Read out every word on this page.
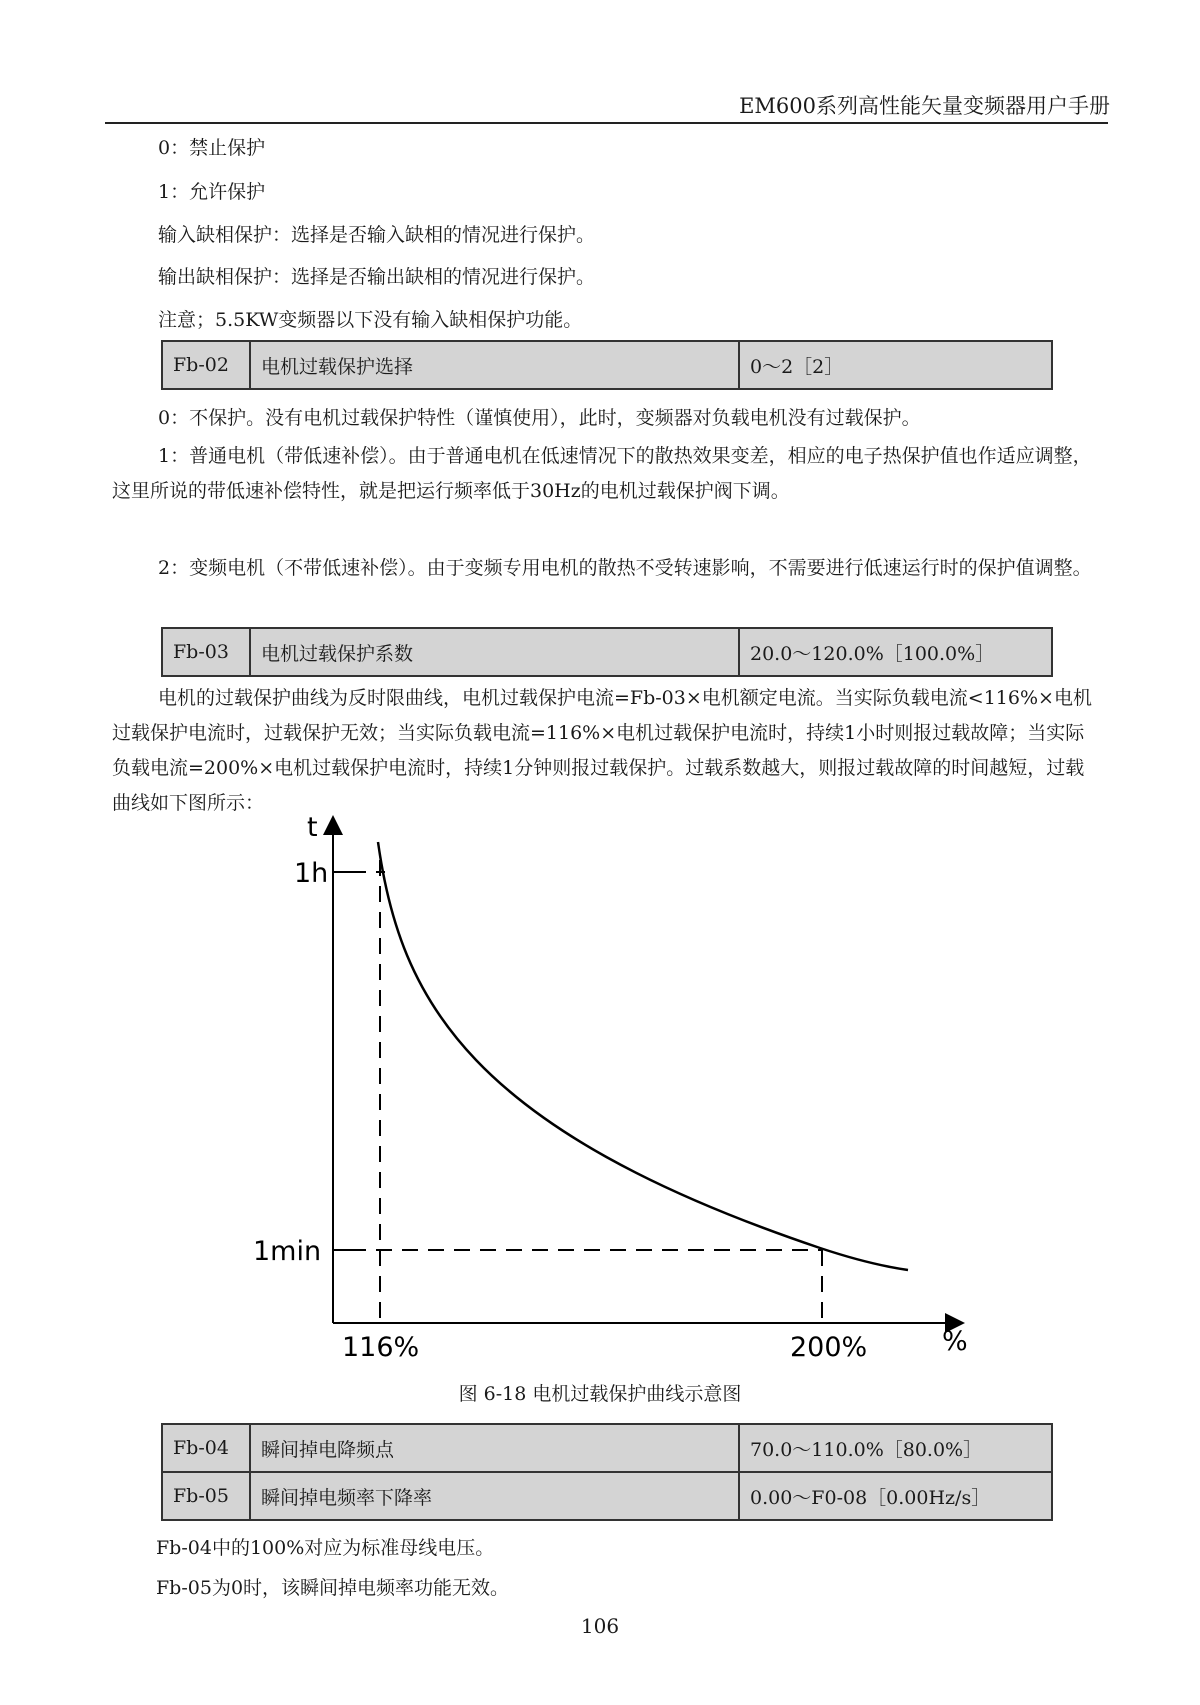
EM600系列高性能矢量变频器用户手册
0：禁止保护
1：允许保护
输入缺相保护：选择是否输入缺相的情况进行保护。
输出缺相保护：选择是否输出缺相的情况进行保护。
注意；5.5KW变频器以下没有输入缺相保护功能。
Fb-02	电机过载保护选择	0～2［2］
0：不保护。没有电机过载保护特性（谨慎使用），此时，变频器对负载电机没有过载保护。
1：普通电机（带低速补偿）。由于普通电机在低速情况下的散热效果变差，相应的电子热保护值也作适应调整，这里所说的带低速补偿特性，就是把运行频率低于30Hz的电机过载保护阀下调。
2：变频电机（不带低速补偿）。由于变频专用电机的散热不受转速影响，不需要进行低速运行时的保护值调整。
Fb-03	电机过载保护系数	20.0～120.0%［100.0%］
电机的过载保护曲线为反时限曲线，电机过载保护电流=Fb-03×电机额定电流。当实际负载电流<116%×电机过载保护电流时，过载保护无效；当实际负载电流=116%×电机过载保护电流时，持续1小时则报过载故障；当实际负载电流=200%×电机过载保护电流时，持续1分钟则报过载保护。过载系数越大，则报过载故障的时间越短，过载曲线如下图所示：
t
1h
1min
116%	200%	%
图 6-18 电机过载保护曲线示意图
Fb-04	瞬间掉电降频点	70.0～110.0%［80.0%］
Fb-05	瞬间掉电频率下降率	0.00～F0-08［0.00Hz/s］
Fb-04中的100%对应为标准母线电压。
Fb-05为0时，该瞬间掉电频率功能无效。
106
